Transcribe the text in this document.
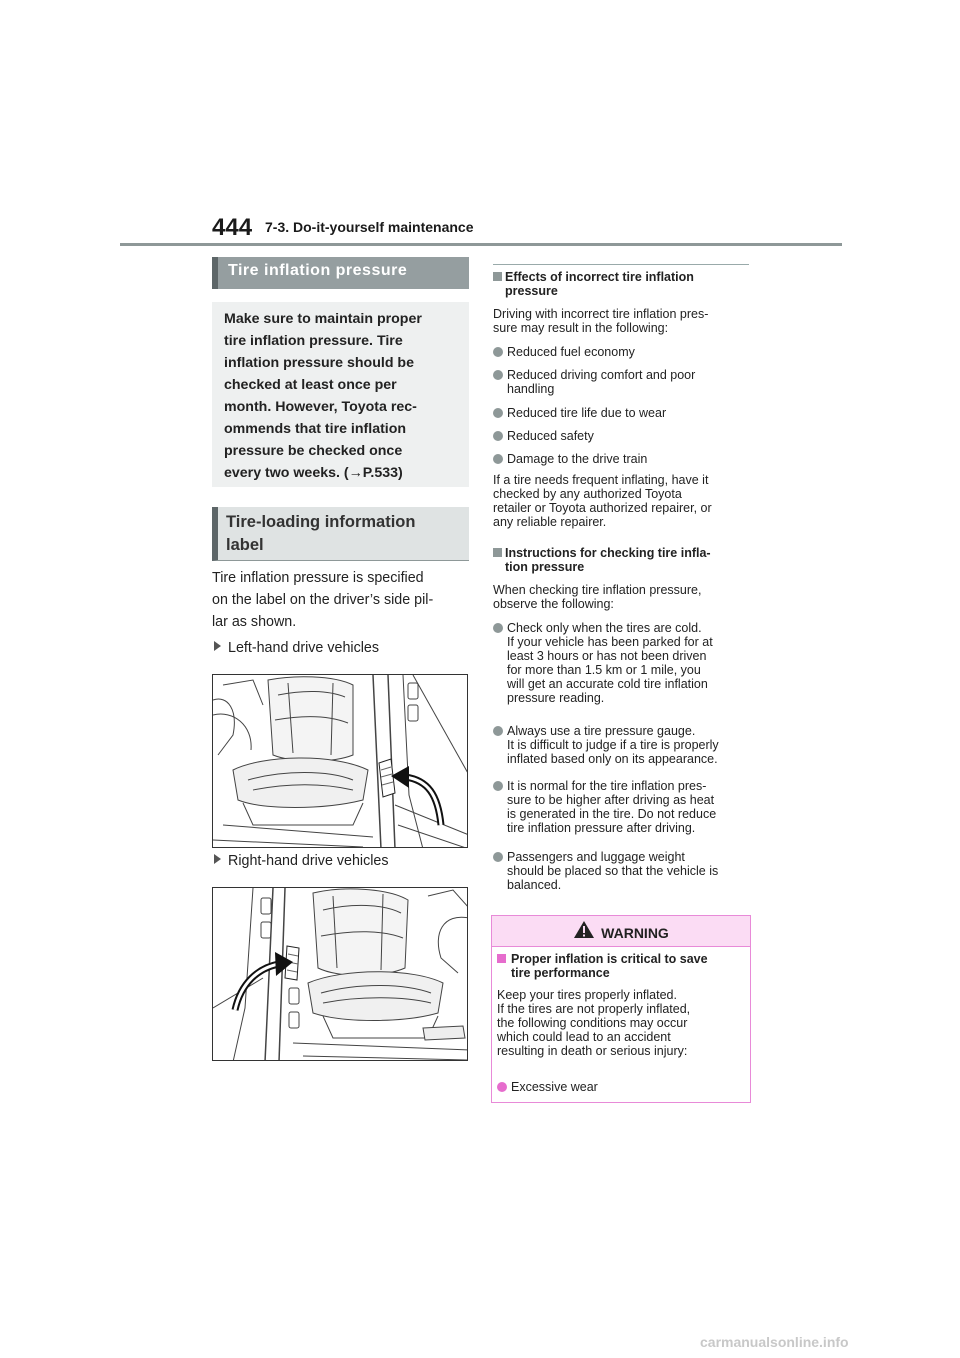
444 7-3. Do-it-yourself maintenance
Tire inflation pressure

Make sure to maintain proper

tire inflation pressure. Tire

inflation pressure should be

checked at least once per

month. However, Toyota rec-

ommends that tire inflation

pressure be checked once

every two weeks. (→P.533)

Tire-loading information
label
Tire inflation pressure is specified
on the label on the driver’s side pil-
lar as shown.
Left-hand drive vehicles
Right-hand drive vehicles
Effects of incorrect tire inflation
pressure
Driving with incorrect tire inflation pres-
sure may result in the following:
Reduced fuel economy
Reduced driving comfort and poor
handling
Reduced tire life due to wear
Reduced safety
Damage to the drive train
If a tire needs frequent inflating, have it
checked by any authorized Toyota
retailer or Toyota authorized repairer, or
any reliable repairer.
Instructions for checking tire infla-
tion pressure
When checking tire inflation pressure,
observe the following:
Check only when the tires are cold.
If your vehicle has been parked for at
least 3 hours or has not been driven
for more than 1.5 km or 1 mile, you
will get an accurate cold tire inflation
pressure reading.
Always use a tire pressure gauge.
It is difficult to judge if a tire is properly
inflated based only on its appearance.
It is normal for the tire inflation pres-
sure to be higher after driving as heat
is generated in the tire. Do not reduce
tire inflation pressure after driving.
Passengers and luggage weight
should be placed so that the vehicle is
balanced.
WARNING
Proper inflation is critical to save
tire performance
Keep your tires properly inflated.
If the tires are not properly inflated,
the following conditions may occur
which could lead to an accident
resulting in death or serious injury:
Excessive wear
carmanualsonline.info
